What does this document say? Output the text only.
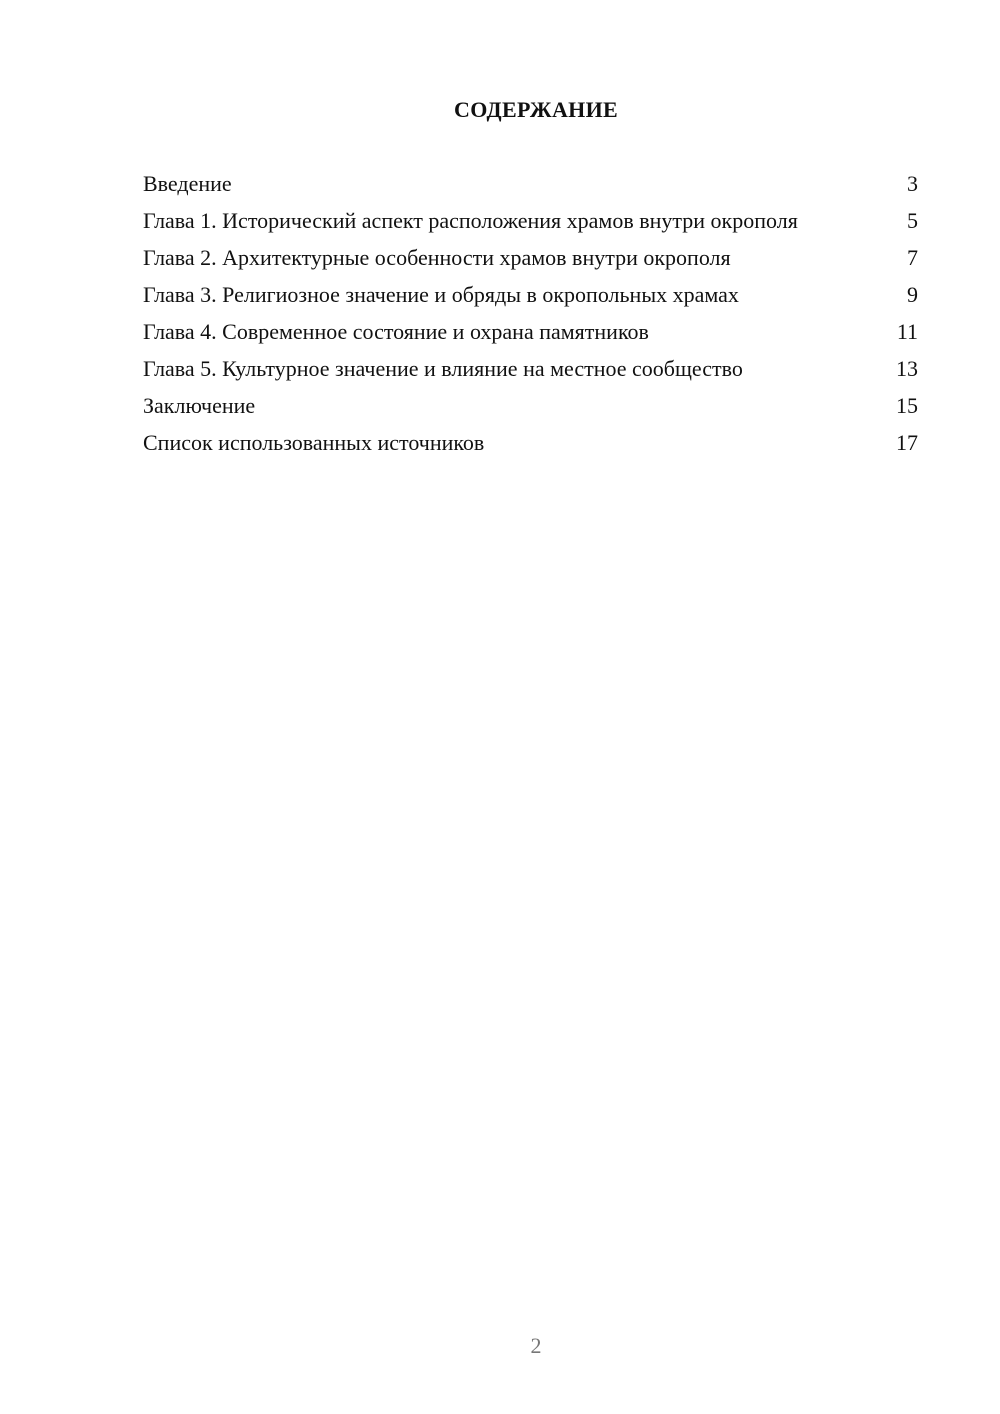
СОДЕРЖАНИЕ
Введение	3
Глава 1. Исторический аспект расположения храмов внутри окрополя	5
Глава 2. Архитектурные особенности храмов внутри окрополя	7
Глава 3. Религиозное значение и обряды в окропольных храмах	9
Глава 4. Современное состояние и охрана памятников	11
Глава 5. Культурное значение и влияние на местное сообщество	13
Заключение	15
Список использованных источников	17
2
